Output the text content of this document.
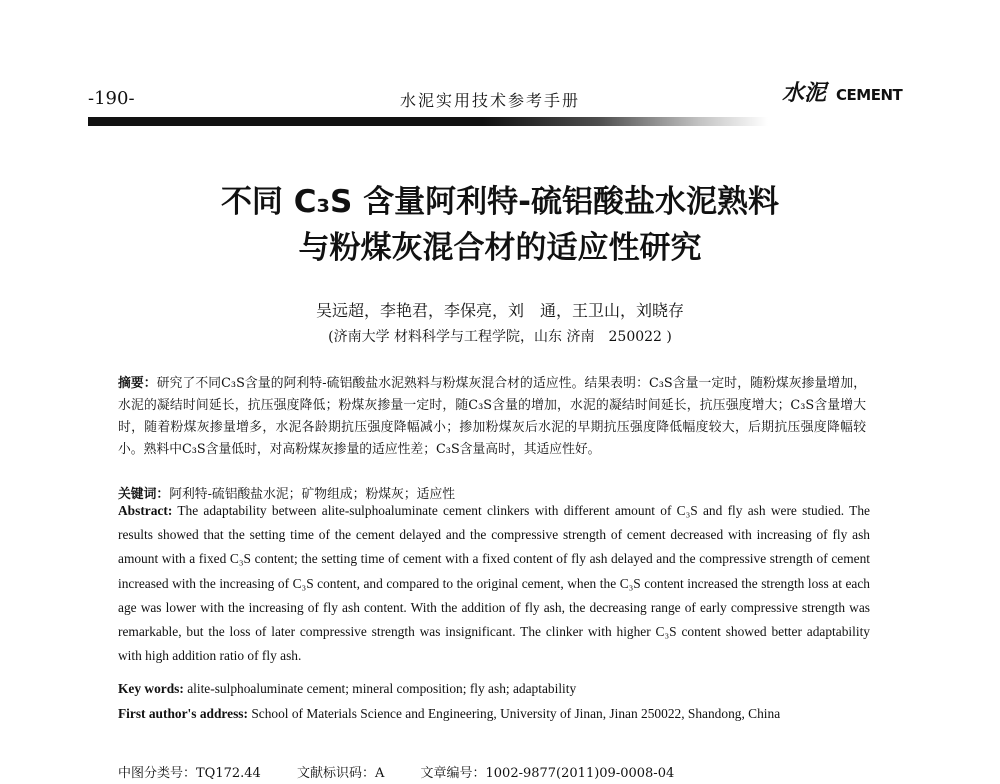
-190-	水泥实用技术参考手册	水泥 CEMENT
不同 C₃S 含量阿利特-硫铝酸盐水泥熟料
与粉煤灰混合材的适应性研究
吴远超，李艳君，李保亮，刘　通，王卫山，刘晓存
(济南大学 材料科学与工程学院，山东 济南　250022 )
摘要：研究了不同C₃S含量的阿利特-硫铝酸盐水泥熟料与粉煤灰混合材的适应性。结果表明：C₃S含量一定时，随粉煤灰掺量增加，水泥的凝结时间延长，抗压强度降低；粉煤灰掺量一定时，随C₃S含量的增加，水泥的凝结时间延长，抗压强度增大；C₃S含量增大时，随着粉煤灰掺量增多，水泥各龄期抗压强度降幅减小；掺加粉煤灰后水泥的早期抗压强度降低幅度较大，后期抗压强度降幅较小。熟料中C₃S含量低时，对高粉煤灰掺量的适应性差；C₃S含量高时，其适应性好。
关键词：阿利特-硫铝酸盐水泥；矿物组成；粉煤灰；适应性
Abstract: The adaptability between alite-sulphoaluminate cement clinkers with different amount of C₃S and fly ash were studied. The results showed that the setting time of the cement delayed and the compressive strength of cement decreased with increasing of fly ash amount with a fixed C₃S content; the setting time of cement with a fixed content of fly ash delayed and the compressive strength of cement increased with the increasing of C₃S content, and compared to the original cement, when the C₃S content increased the strength loss at each age was lower with the increasing of fly ash content. With the addition of fly ash, the decreasing range of early compressive strength was remarkable, but the loss of later compressive strength was insignificant. The clinker with higher C₃S content showed better adaptability with high addition ratio of fly ash.
Key words: alite-sulphoaluminate cement; mineral composition; fly ash; adaptability
First author's address: School of Materials Science and Engineering, University of Jinan, Jinan 250022, Shandong, China
中图分类号：TQ172.44	文献标识码：A	文章编号：1002-9877(2011)09-0008-04
